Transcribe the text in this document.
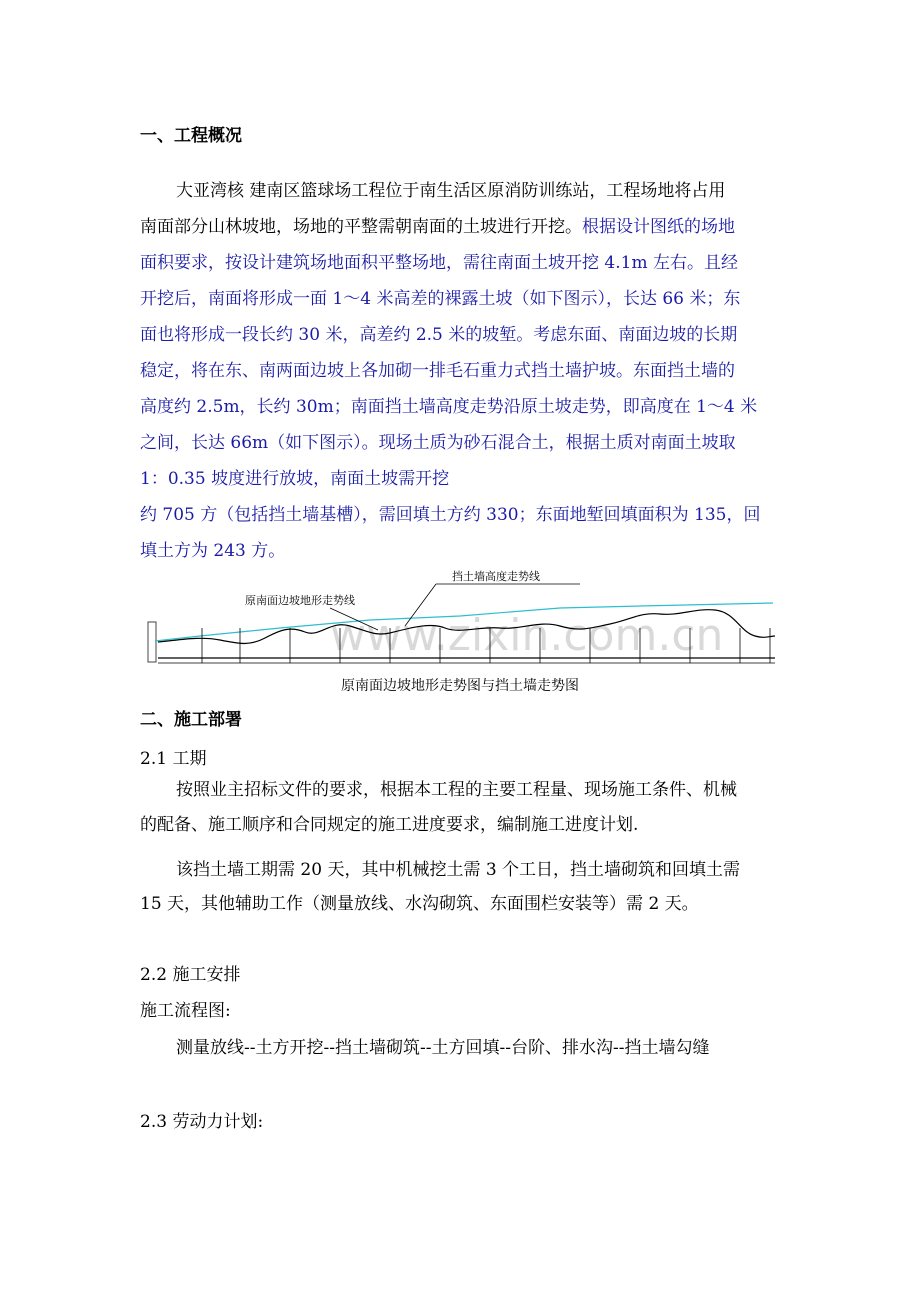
一、工程概况
大亚湾核 建南区篮球场工程位于南生活区原消防训练站，工程场地将占用
南面部分山林坡地，场地的平整需朝南面的土坡进行开挖。根据设计图纸的场地
面积要求，按设计建筑场地面积平整场地，需往南面土坡开挖 4.1m 左右。且经
开挖后，南面将形成一面 1～4 米高差的裸露土坡（如下图示），长达 66 米；东
面也将形成一段长约 30 米，高差约 2.5 米的坡堑。考虑东面、南面边坡的长期
稳定，将在东、南两面边坡上各加砌一排毛石重力式挡土墙护坡。东面挡土墙的
高度约 2.5m，长约 30m；南面挡土墙高度走势沿原土坡走势，即高度在 1～4 米
之间，长达 66m（如下图示）。现场土质为砂石混合土，根据土质对南面土坡取
1：0.35 坡度进行放坡，南面土坡需开挖
约 705 方（包括挡土墙基槽），需回填土方约 330；东面地堑回填面积为 135，回
填土方为 243 方。
www.zixin.com.cn
原南面边坡地形走势线
挡土墙高度走势线
原南面边坡地形走势图与挡土墙走势图
二、施工部署
2.1 工期
按照业主招标文件的要求，根据本工程的主要工程量、现场施工条件、机械
的配备、施工顺序和合同规定的施工进度要求，编制施工进度计划.
该挡土墙工期需 20 天，其中机械挖土需 3 个工日，挡土墙砌筑和回填土需
15 天，其他辅助工作（测量放线、水沟砌筑、东面围栏安装等）需 2 天。
2.2 施工安排
施工流程图:
测量放线--土方开挖--挡土墙砌筑--土方回填--台阶、排水沟--挡土墙勾缝
2.3 劳动力计划:
